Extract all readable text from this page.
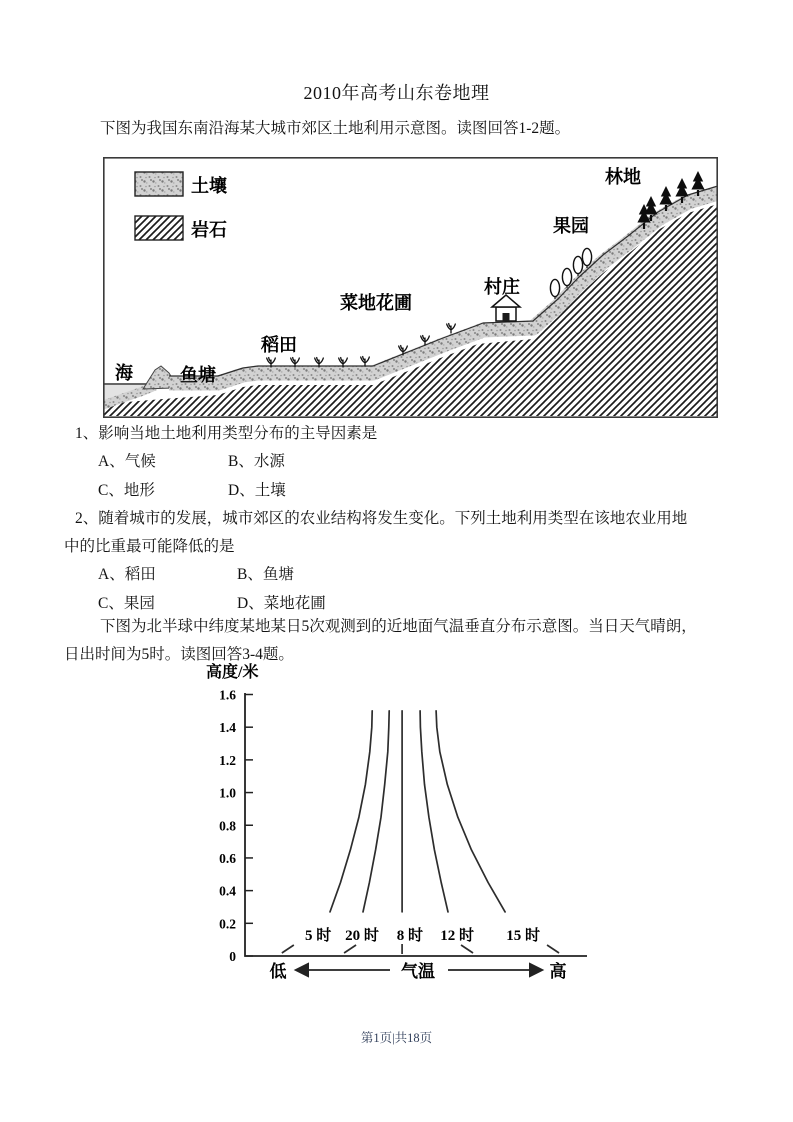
2010年高考山东卷地理
下图为我国东南沿海某大城市郊区土地利用示意图。读图回答1-2题。
土壤
岩石
海	鱼塘
稻田
菜地花圃
村庄
果园
林地
1、影响当地土地利用类型分布的主导因素是
A、气候	B、水源
C、地形	D、土壤
2、随着城市的发展，城市郊区的农业结构将发生变化。下列土地利用类型在该地农业用地
中的比重最可能降低的是
A、稻田	B、鱼塘
C、果园	D、菜地花圃
下图为北半球中纬度某地某日5次观测到的近地面气温垂直分布示意图。当日天气晴朗，
日出时间为5时。读图回答3-4题。
高度/米
0
0.2
0.4
0.6
0.8
1.0
1.2
1.4
1.6
5 时 20 时 8 时 12 时 15 时
低	气温	高
第1页|共18页
